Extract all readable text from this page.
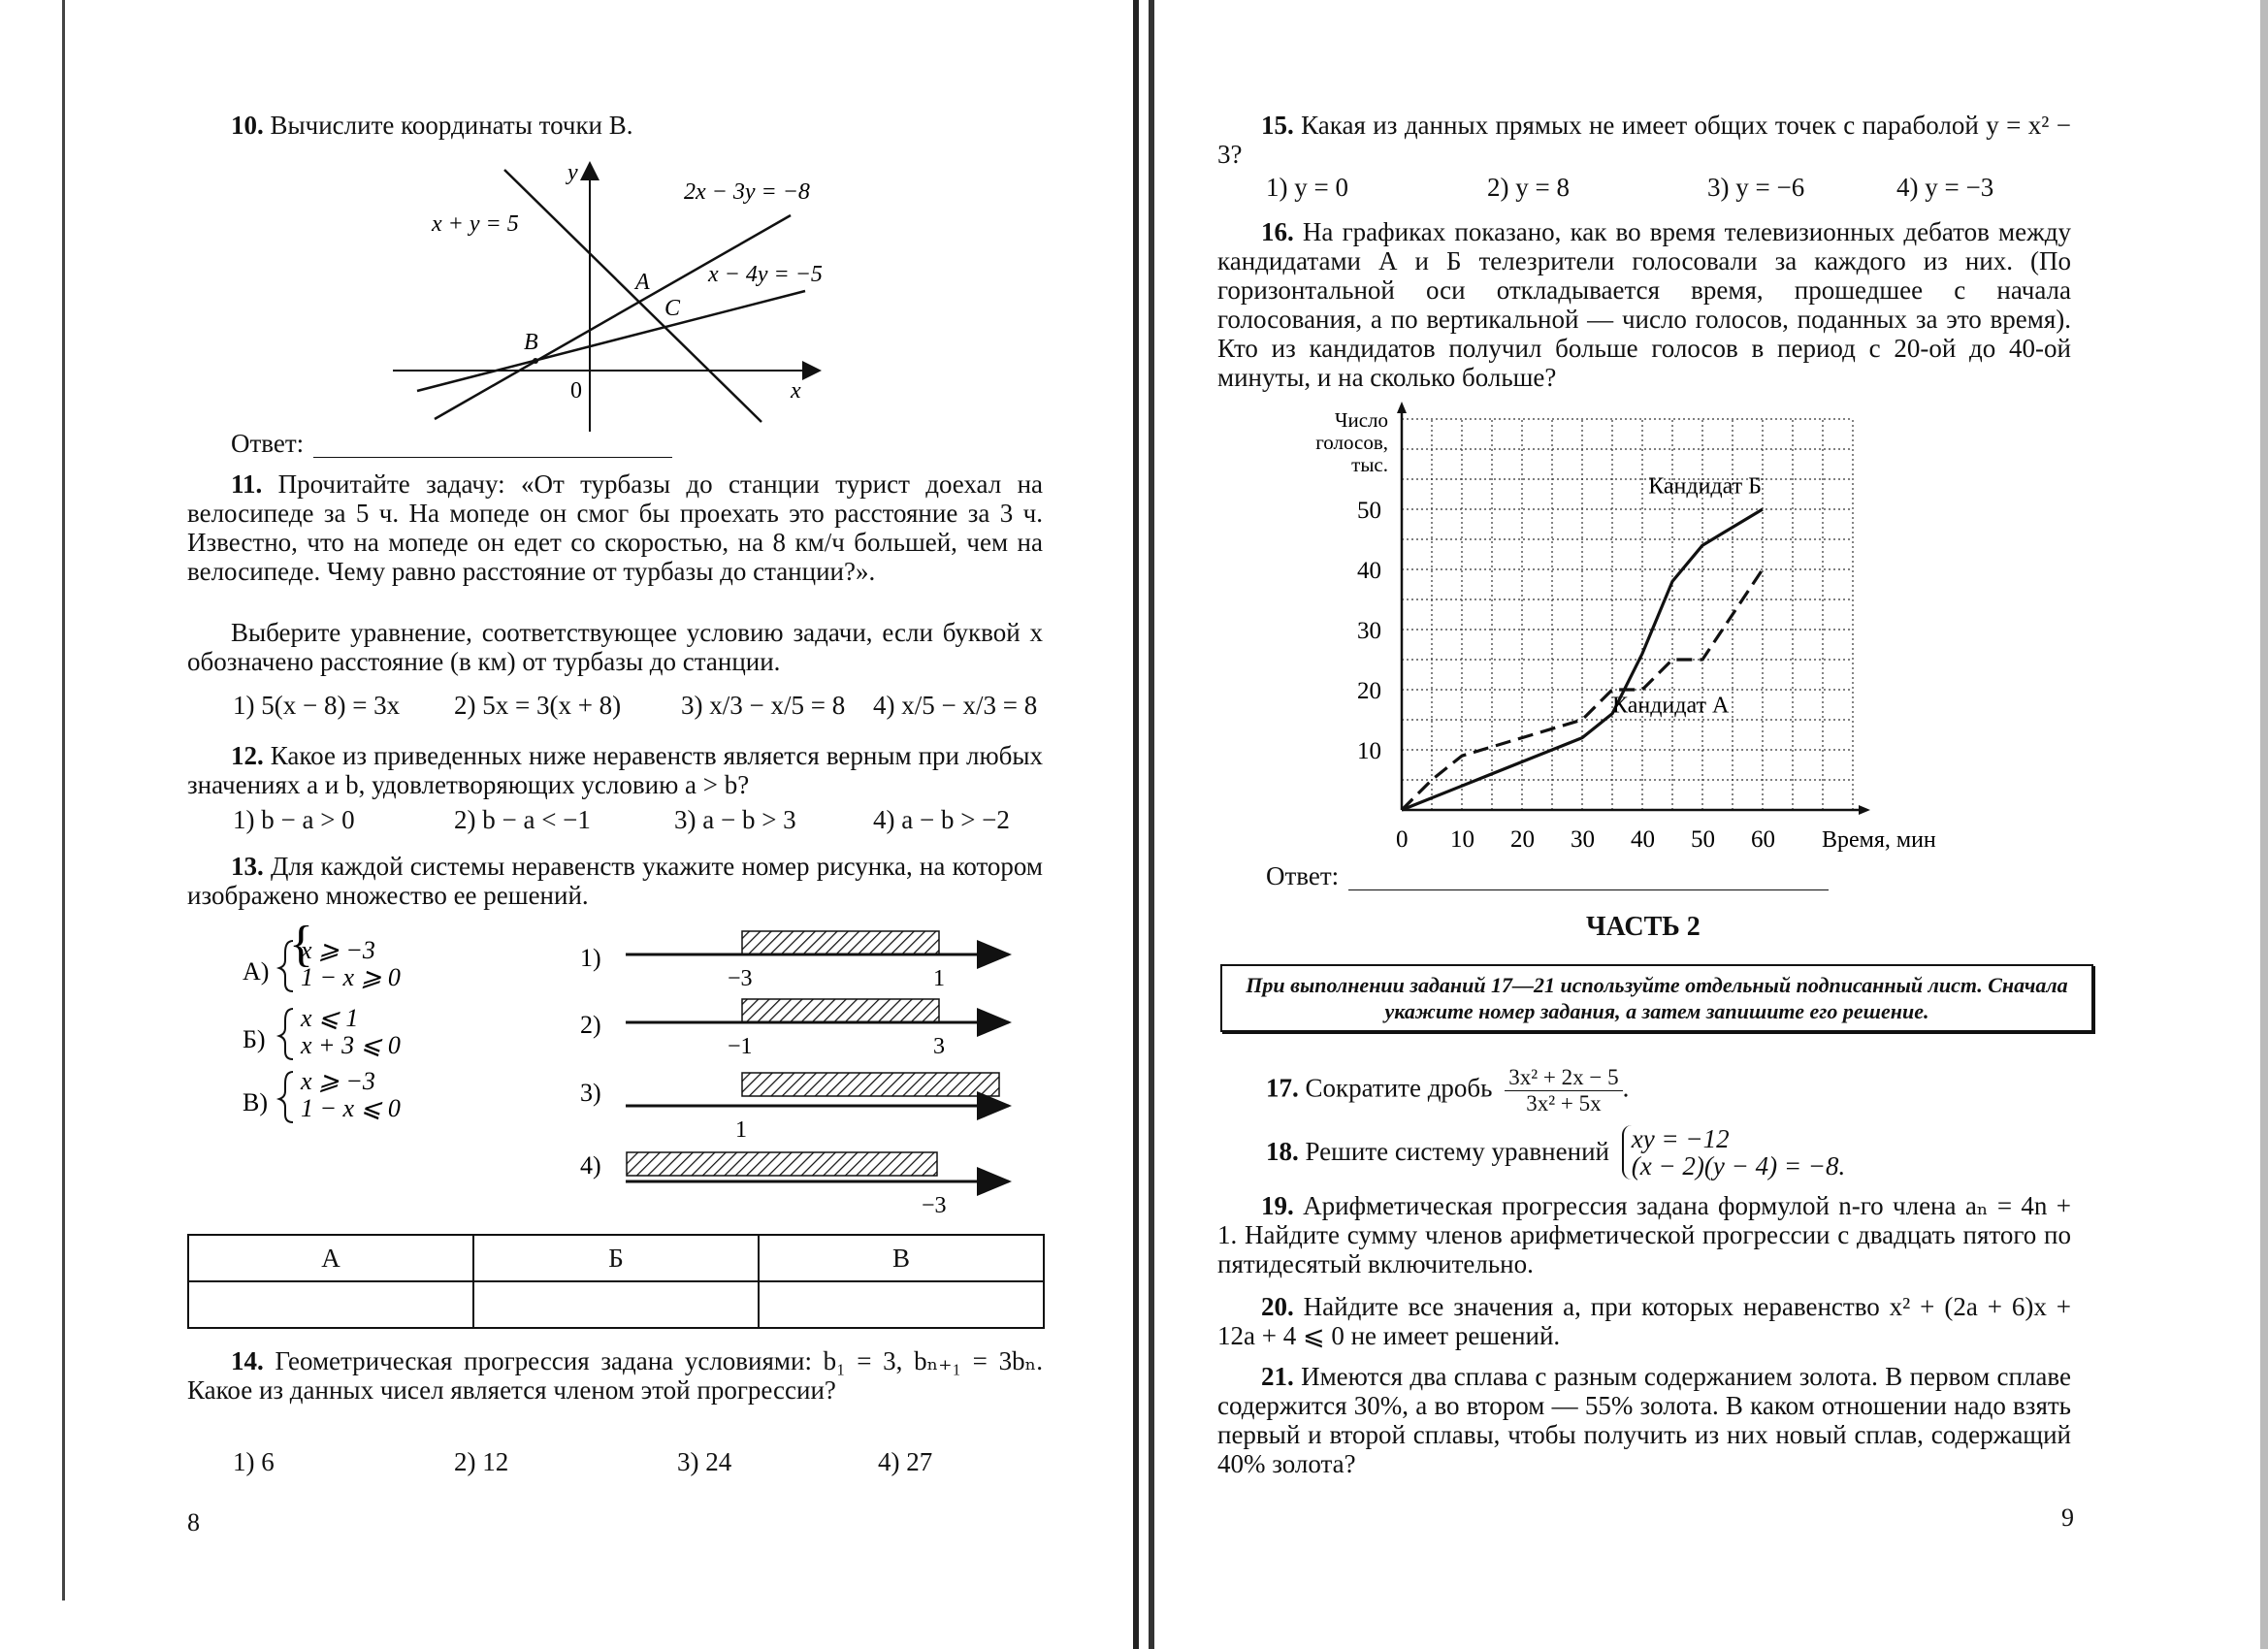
10. Вычислите координаты точки B.
y
x
0
x + y = 5
2x − 3y = −8
x − 4y = −5
A
B
C
Ответ:
11. Прочитайте задачу: «От турбазы до станции турист доехал на велосипеде за 5 ч. На мопеде он смог бы проехать это расстояние за 3 ч. Известно, что на мопеде он едет со скоростью, на 8 км/ч большей, чем на велосипеде. Чему равно расстояние от турбазы до станции?».
Выберите уравнение, соответствующее условию задачи, если буквой x обозначено расстояние (в км) от турбазы до станции.
1) 5(x − 8) = 3x 2) 5x = 3(x + 8) 3) x/3 − x/5 = 8 4) x/5 − x/3 = 8
12. Какое из приведенных ниже неравенств является верным при любых значениях a и b, удовлетворяющих условию a > b?
1) b − a > 0	2) b − a < −1	3) a − b > 3	4) a − b > −2
13. Для каждой системы неравенств укажите номер рисунка, на котором изображено множество ее решений.
А) {
x ⩾ −3
1 − x ⩾ 0
Б)
x ⩽ 1
x + 3 ⩽ 0
В)
x ⩾ −3
1 − x ⩽ 0
1)
−3	1
2)
−1	3
3)
1
4)
−3
А	Б	В

14. Геометрическая прогрессия задана условиями: b₁ = 3, bₙ₊₁ = 3bₙ. Какое из данных чисел является членом этой прогрессии?
1) 6	2) 12	3) 24	4) 27
8
15. Какая из данных прямых не имеет общих точек с параболой y = x² − 3?
1) y = 0	2) y = 8	3) y = −6	4) y = −3
16. На графиках показано, как во время телевизионных дебатов между кандидатами А и Б телезрители голосовали за каждого из них. (По горизонтальной оси откладывается время, прошедшее с начала голосования, а по вертикальной — число голосов, поданных за это время). Кто из кандидатов получил больше голосов в период с 20-ой до 40-ой минуты, и на сколько больше?
0 10 20 30 40 50 60
10
20
30
40
50
Число
голосов,
тыс.
Время, мин
Кандидат Б
Кандидат А
Ответ:
ЧАСТЬ 2
При выполнении заданий 17—21 используйте отдельный подписанный лист. Сначала укажите номер задания, а затем запишите его решение.
17. Сократите дробь $\frac{\text{3x² + 2x − 5}}{\text{3x² + 5x}}$ .
18. Решите систему уравнений xy = −12
(x − 2)(y − 4) = −8.
19. Арифметическая прогрессия задана формулой n-го члена aₙ = 4n + 1. Найдите сумму членов арифметической прогрессии с двадцать пятого по пятидесятый включительно.
20. Найдите все значения a, при которых неравенство x² + (2a + 6)x + 12a + 4 ⩽ 0 не имеет решений.
21. Имеются два сплава с разным содержанием золота. В первом сплаве содержится 30%, а во втором — 55% золота. В каком отношении надо взять первый и второй сплавы, чтобы получить из них новый сплав, содержащий 40% золота?
9
